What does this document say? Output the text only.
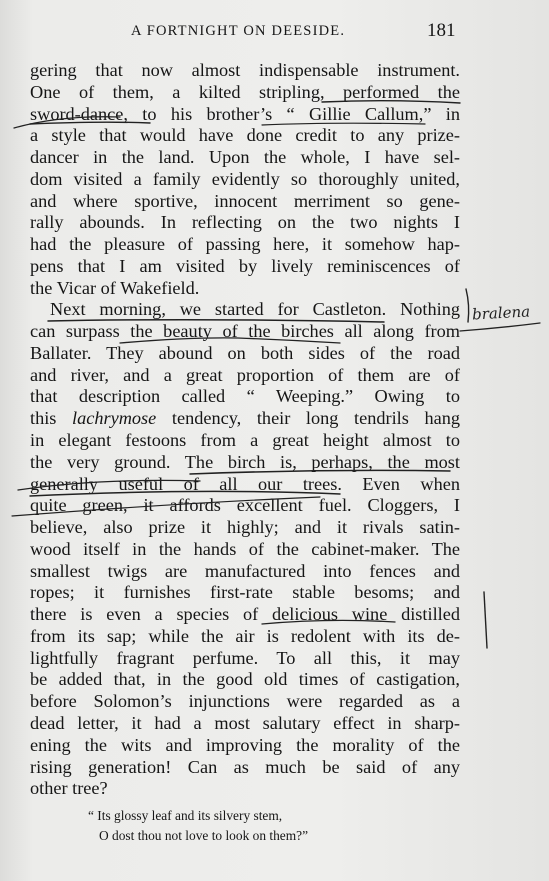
A FORTNIGHT ON DEESIDE.	181
gering that now almost indispensable instrument.
One of them, a kilted stripling, performed the
sword-dance, to his brother’s “ Gillie Callum,” in
a style that would have done credit to any prize-
dancer in the land. Upon the whole, I have sel-
dom visited a family evidently so thoroughly united,
and where sportive, innocent merriment so gene-
rally abounds. In reflecting on the two nights I
had the pleasure of passing here, it somehow hap-
pens that I am visited by lively reminiscences of
the Vicar of Wakefield.
Next morning, we started for Castleton. Nothing
can surpass the beauty of the birches all along from
Ballater. They abound on both sides of the road
and river, and a great proportion of them are of
that description called “ Weeping.” Owing to
this lachrymose tendency, their long tendrils hang
in elegant festoons from a great height almost to
the very ground. The birch is, perhaps, the most
generally useful of all our trees. Even when
quite green, it affords excellent fuel. Cloggers, I
believe, also prize it highly; and it rivals satin-
wood itself in the hands of the cabinet-maker. The
smallest twigs are manufactured into fences and
ropes; it furnishes first-rate stable besoms; and
there is even a species of delicious wine distilled
from its sap; while the air is redolent with its de-
lightfully fragrant perfume. To all this, it may
be added that, in the good old times of castigation,
before Solomon’s injunctions were regarded as a
dead letter, it had a most salutary effect in sharp-
ening the wits and improving the morality of the
rising generation! Can as much be said of any
other tree?
“ Its glossy leaf and its silvery stem,
O dost thou not love to look on them?”
bralena
